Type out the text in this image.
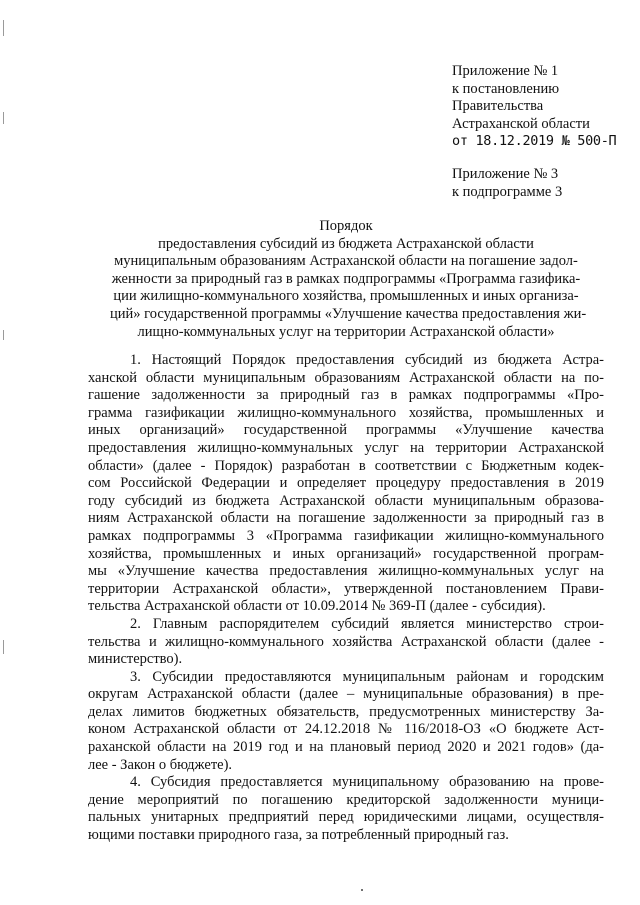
Приложение № 1
к постановлению
Правительства
Астраханской области
от 18.12.2019 № 500-П
Приложение № 3
к подпрограмме 3
Порядок
предоставления субсидий из бюджета Астраханской области
муниципальным образованиям Астраханской области на погашение задол-
женности за природный газ в рамках подпрограммы «Программа газифика-
ции жилищно-коммунального хозяйства, промышленных и иных организа-
ций» государственной программы «Улучшение качества предоставления жи-
лищно-коммунальных услуг на территории Астраханской области»
1. Настоящий Порядок предоставления субсидий из бюджета Астра-
ханской области муниципальным образованиям Астраханской области на по-
гашение задолженности за природный газ в рамках подпрограммы «Про-
грамма газификации жилищно-коммунального хозяйства, промышленных и
иных организаций» государственной программы «Улучшение качества
предоставления жилищно-коммунальных услуг на территории Астраханской
области» (далее - Порядок) разработан в соответствии с Бюджетным кодек-
сом Российской Федерации и определяет процедуру предоставления в 2019
году субсидий из бюджета Астраханской области муниципальным образова-
ниям Астраханской области на погашение задолженности за природный газ в
рамках подпрограммы 3 «Программа газификации жилищно-коммунального
хозяйства, промышленных и иных организаций» государственной програм-
мы «Улучшение качества предоставления жилищно-коммунальных услуг на
территории Астраханской области», утвержденной постановлением Прави-
тельства Астраханской области от 10.09.2014 № 369-П (далее - субсидия).
2. Главным распорядителем субсидий является министерство строи-
тельства и жилищно-коммунального хозяйства Астраханской области (далее -
министерство).
3. Субсидии предоставляются муниципальным районам и городским
округам Астраханской области (далее – муниципальные образования) в пре-
делах лимитов бюджетных обязательств, предусмотренных министерству За-
коном Астраханской области от 24.12.2018 № 116/2018-ОЗ «О бюджете Аст-
раханской области на 2019 год и на плановый период 2020 и 2021 годов» (да-
лее - Закон о бюджете).
4. Субсидия предоставляется муниципальному образованию на прове-
дение мероприятий по погашению кредиторской задолженности муници-
пальных унитарных предприятий перед юридическими лицами, осуществля-
ющими поставки природного газа, за потребленный природный газ.
